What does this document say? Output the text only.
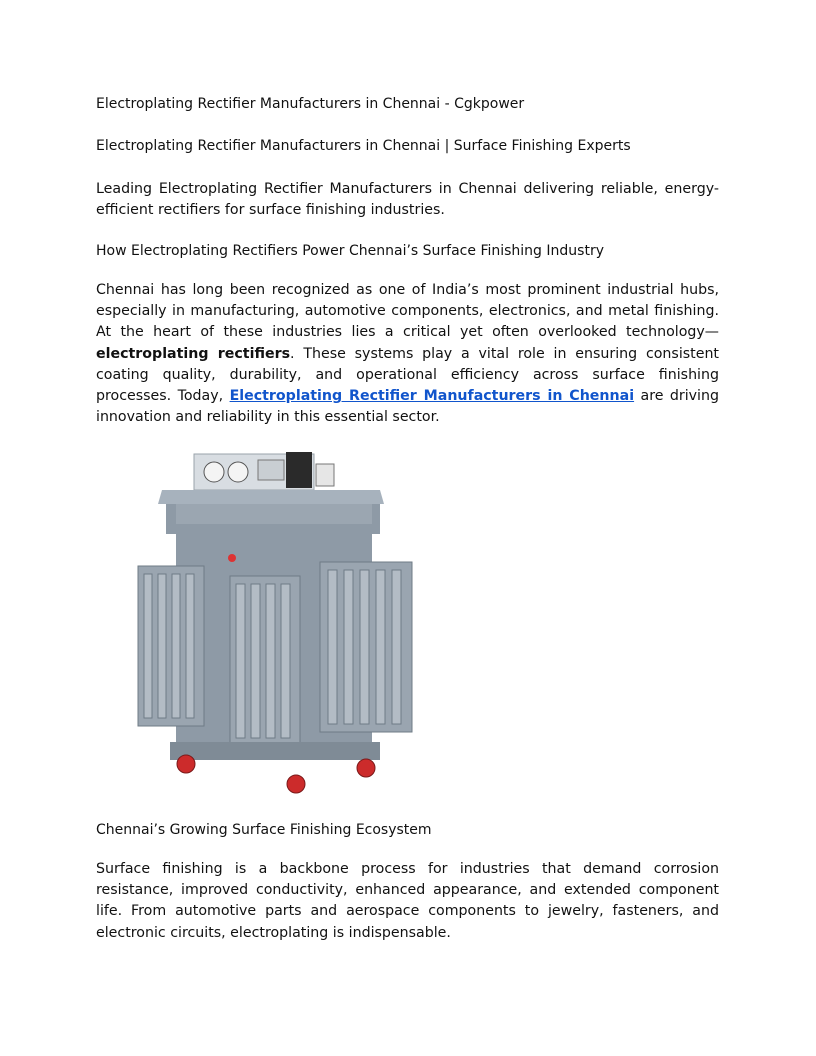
Electroplating Rectifier Manufacturers in Chennai - Cgkpower
Electroplating Rectifier Manufacturers in Chennai | Surface Finishing Experts
Leading Electroplating Rectifier Manufacturers in Chennai delivering reliable, energy-efficient rectifiers for surface finishing industries.
How Electroplating Rectifiers Power Chennai’s Surface Finishing Industry
Chennai has long been recognized as one of India’s most prominent industrial hubs, especially in manufacturing, automotive components, electronics, and metal finishing. At the heart of these industries lies a critical yet often overlooked technology—electroplating rectifiers. These systems play a vital role in ensuring consistent coating quality, durability, and operational efficiency across surface finishing processes. Today, Electroplating Rectifier Manufacturers in Chennai are driving innovation and reliability in this essential sector.
Chennai’s Growing Surface Finishing Ecosystem
Surface finishing is a backbone process for industries that demand corrosion resistance, improved conductivity, enhanced appearance, and extended component life. From automotive parts and aerospace components to jewelry, fasteners, and electronic circuits, electroplating is indispensable.
